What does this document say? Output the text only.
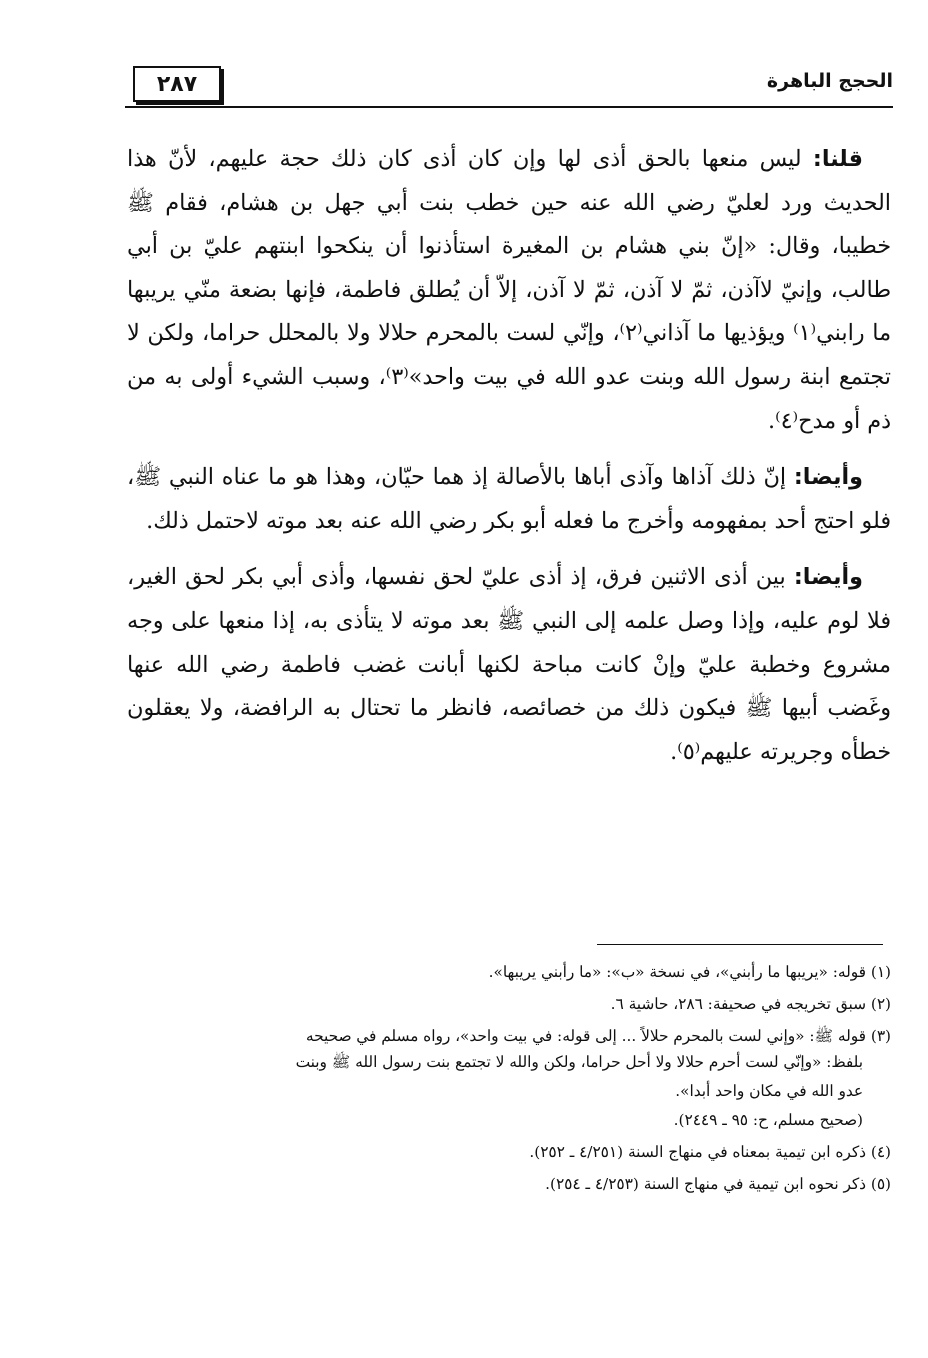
٢٨٧	الحجج الباهرة

قلنا: ليس منعها بالحق أذى لها وإن كان أذى كان ذلك حجة عليهم، لأنّ هذا الحديث ورد لعليّ رضي الله عنه حين خطب بنت أبي جهل بن هشام، فقام ﷺ خطيبا، وقال: «إنّ بني هشام بن المغيرة استأذنوا أن ينكحوا ابنتهم عليّ بن أبي طالب، وإنيّ لاآذن، ثمّ لا آذن، ثمّ لا آذن، إلاّ أن يُطلق فاطمة، فإنها بضعة منّي يريبها ما رابني⁽١⁾ ويؤذيها ما آذاني⁽٢⁾، وإنّي لست بالمحرم حلالا ولا بالمحلل حراما، ولكن لا تجتمع ابنة رسول الله وبنت عدو الله في بيت واحد»⁽٣⁾، وسبب الشيء أولى به من ذم أو مدح⁽٤⁾.

وأيضا: إنّ ذلك آذاها وآذى أباها بالأصالة إذ هما حيّان، وهذا هو ما عناه النبي ﷺ، فلو احتج أحد بمفهومه وأخرج ما فعله أبو بكر رضي الله عنه بعد موته لاحتمل ذلك.

وأيضا: بين أذى الاثنين فرق، إذ أذى عليّ لحق نفسها، وأذى أبي بكر لحق الغير، فلا لوم عليه، وإذا وصل علمه إلى النبي ﷺ بعد موته لا يتأذى به، إذا منعها على وجه مشروع وخطبة عليّ وإنْ كانت مباحة لكنها أبانت غضب فاطمة رضي الله عنها وغَضب أبيها ﷺ فيكون ذلك من خصائصه، فانظر ما تحتال به الرافضة، ولا يعقلون خطأه وجريرته عليهم⁽٥⁾.

(١) قوله: «يريبها ما رأبني»، في نسخة «ب»: «ما رأبني يريبها».
(٢) سبق تخريجه في صحيفة: ٢٨٦، حاشية ٦.
(٣) قوله ﷺ: «وإني لست بالمحرم حلالاً ... إلى قوله: في بيت واحد»، رواه مسلم في صحيحه
بلفظ: «وإنّي لست أحرم حلالا ولا أحل حراما، ولكن والله لا تجتمع بنت رسول الله ﷺ وبنت
عدو الله في مكان واحد أبدا».
(صحيح مسلم، ح: ٩٥ ـ ٢٤٤٩).
(٤) ذكره ابن تيمية بمعناه في منهاج السنة (٤/٢٥١ ـ ٢٥٢).
(٥) ذكر نحوه ابن تيمية في منهاج السنة (٤/٢٥٣ ـ ٢٥٤).
